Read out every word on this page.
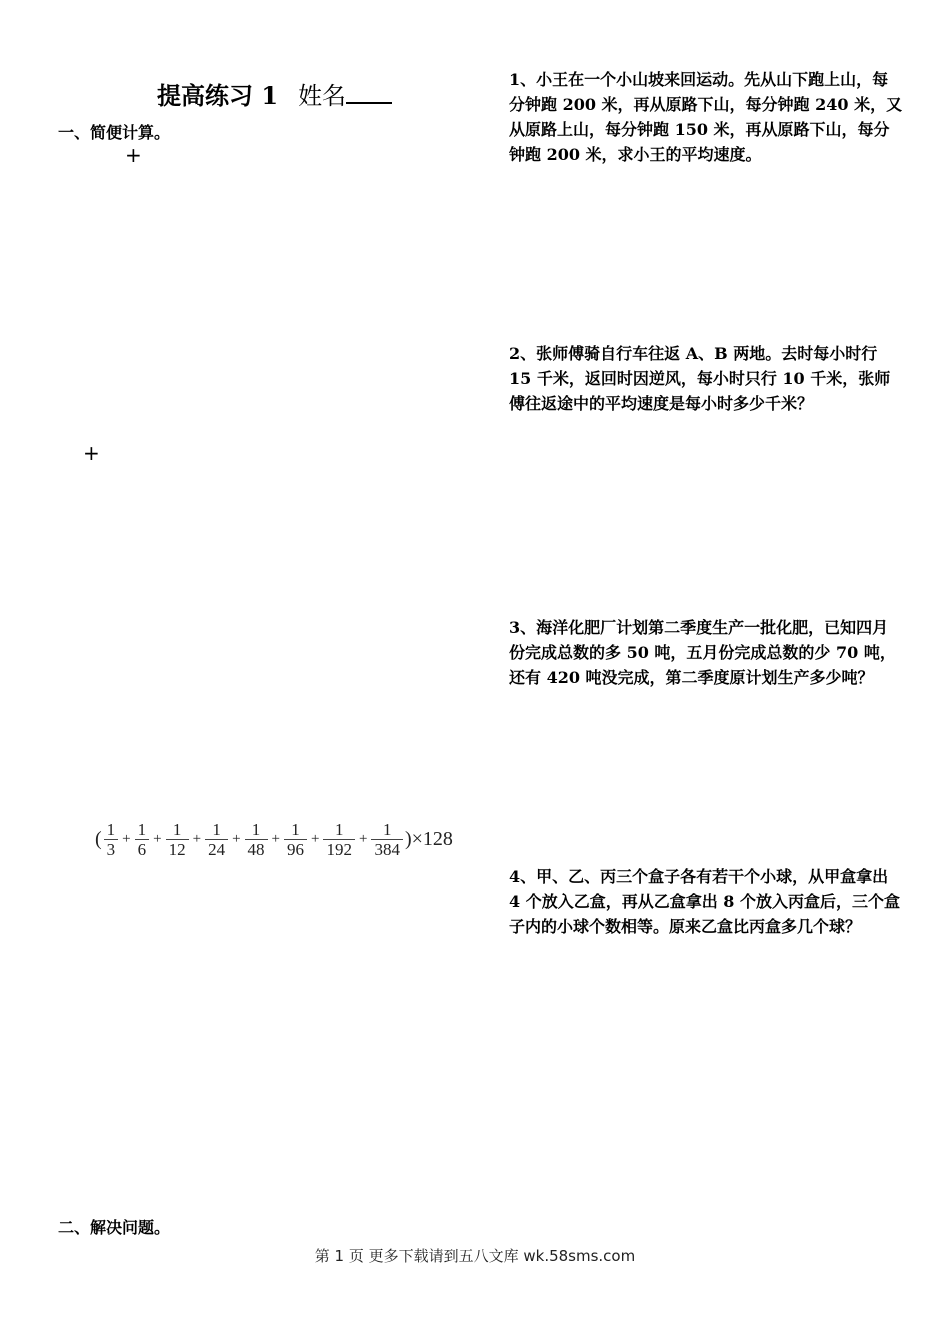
提高练习 1 姓名
一、简便计算。
+
+
( $\frac{1}{3} + \frac{1}{6} + \frac{1}{12} + \frac{1}{24} + \frac{1}{48} + \frac{1}{96} + \frac{1}{192} + \frac{1}{384} )\times 128$
1、小王在一个小山坡来回运动。先从山下跑上山，每分钟跑 200 米，再从原路下山，每分钟跑 240 米，又从原路上山，每分钟跑 150 米，再从原路下山，每分钟跑 200 米，求小王的平均速度。
2、张师傅骑自行车往返 A、B 两地。去时每小时行 15 千米，返回时因逆风，每小时只行 10 千米，张师傅往返途中的平均速度是每小时多少千米？
3、海洋化肥厂计划第二季度生产一批化肥，已知四月份完成总数的多 50 吨，五月份完成总数的少 70 吨，还有 420 吨没完成，第二季度原计划生产多少吨？
4、甲、乙、丙三个盒子各有若干个小球，从甲盒拿出 4 个放入乙盒，再从乙盒拿出 8 个放入丙盒后，三个盒子内的小球个数相等。原来乙盒比丙盒多几个球？
二、解决问题。
第 1 页 更多下载请到五八文库 wk.58sms.com
